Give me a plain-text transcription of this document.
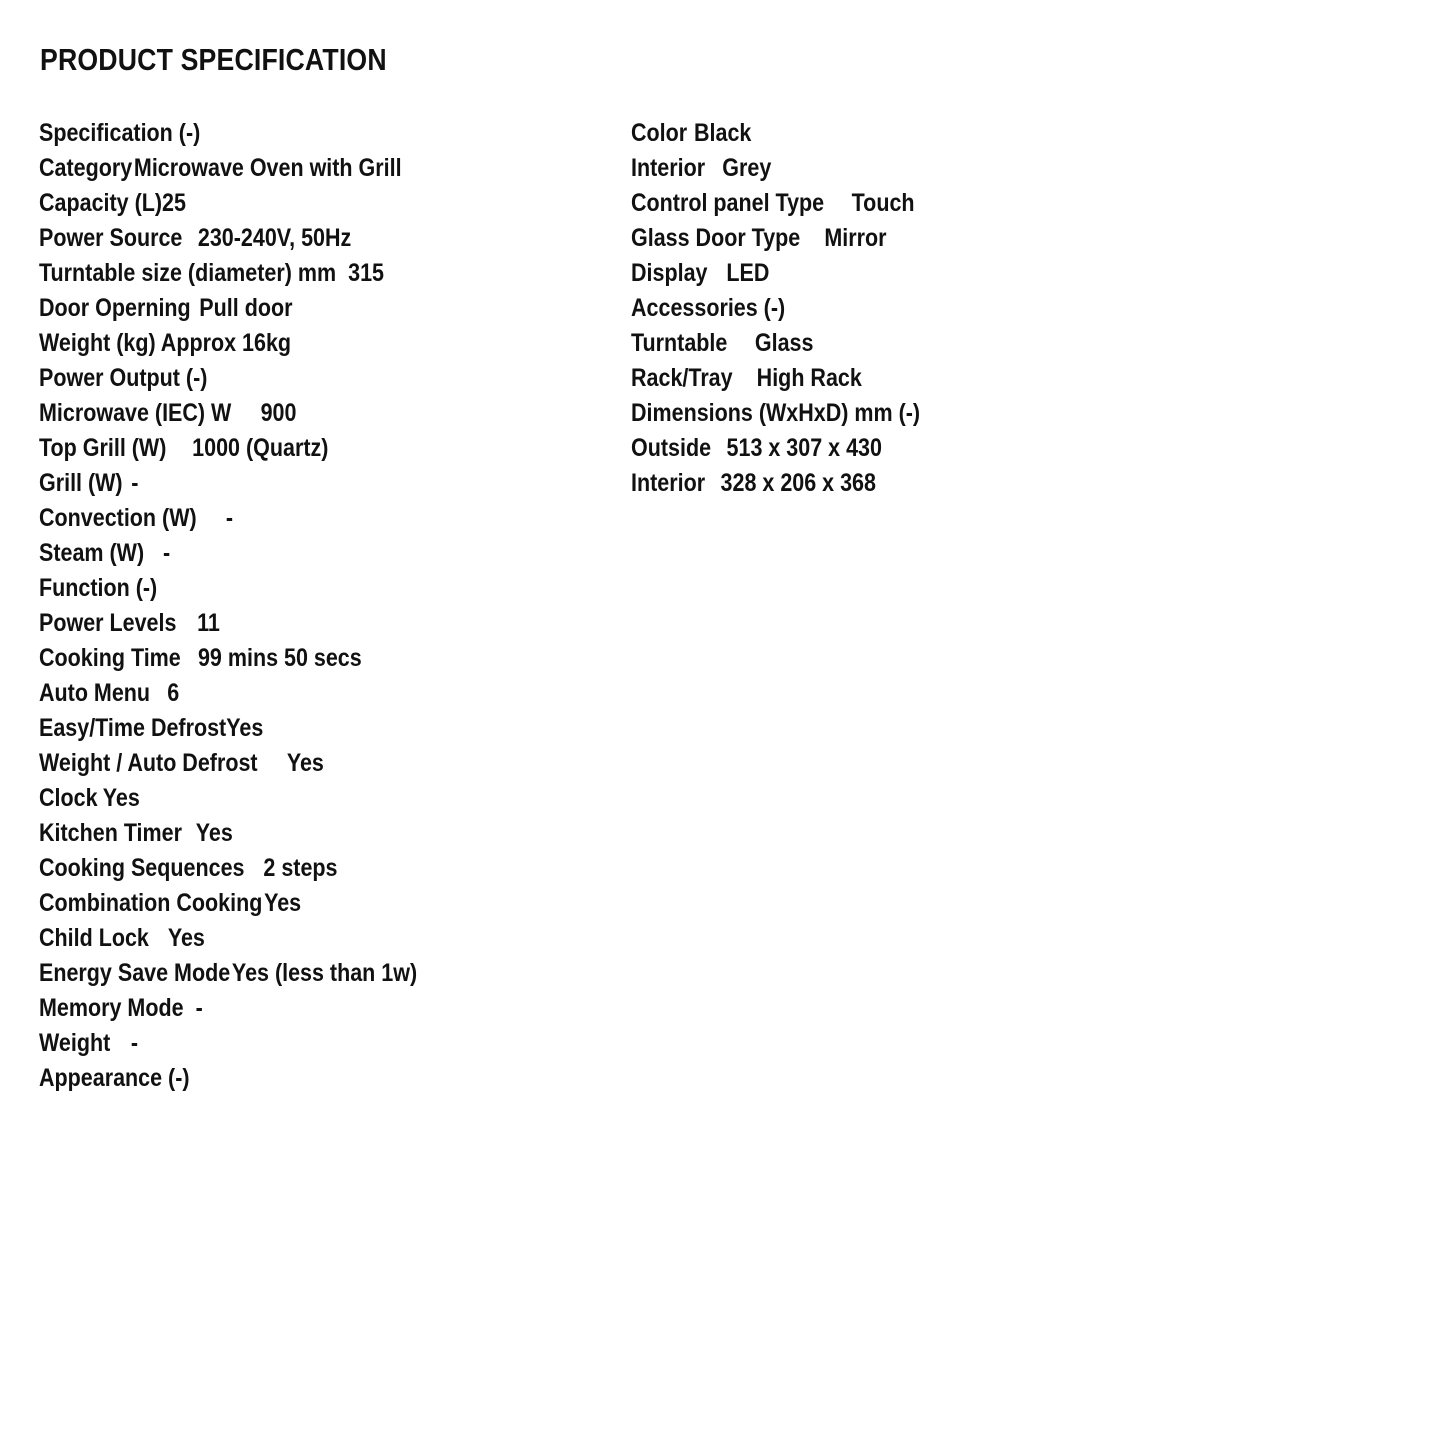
PRODUCT SPECIFICATION
Specification (-)
CategoryMicrowave Oven with Grill
Capacity (L)25
Power Source 230-240V, 50Hz
Turntable size (diameter) mm 315
Door Operning Pull door
Weight (kg) Approx 16kg
Power Output (-)
Microwave (IEC) W 900
Top Grill (W) 1000 (Quartz)
Grill (W) -
Convection (W) -
Steam (W) -
Function (-)
Power Levels 11
Cooking Time 99 mins 50 secs
Auto Menu 6
Easy/Time DefrostYes
Weight / Auto Defrost Yes
Clock Yes
Kitchen Timer Yes
Cooking Sequences 2 steps
Combination CookingYes
Child Lock Yes
Energy Save ModeYes (less than 1w)
Memory Mode -
Weight -
Appearance (-)
Color Black
Interior Grey
Control panel Type Touch
Glass Door Type Mirror
Display LED
Accessories (-)
Turntable Glass
Rack/Tray High Rack
Dimensions (WxHxD) mm (-)
Outside 513 x 307 x 430
Interior 328 x 206 x 368
